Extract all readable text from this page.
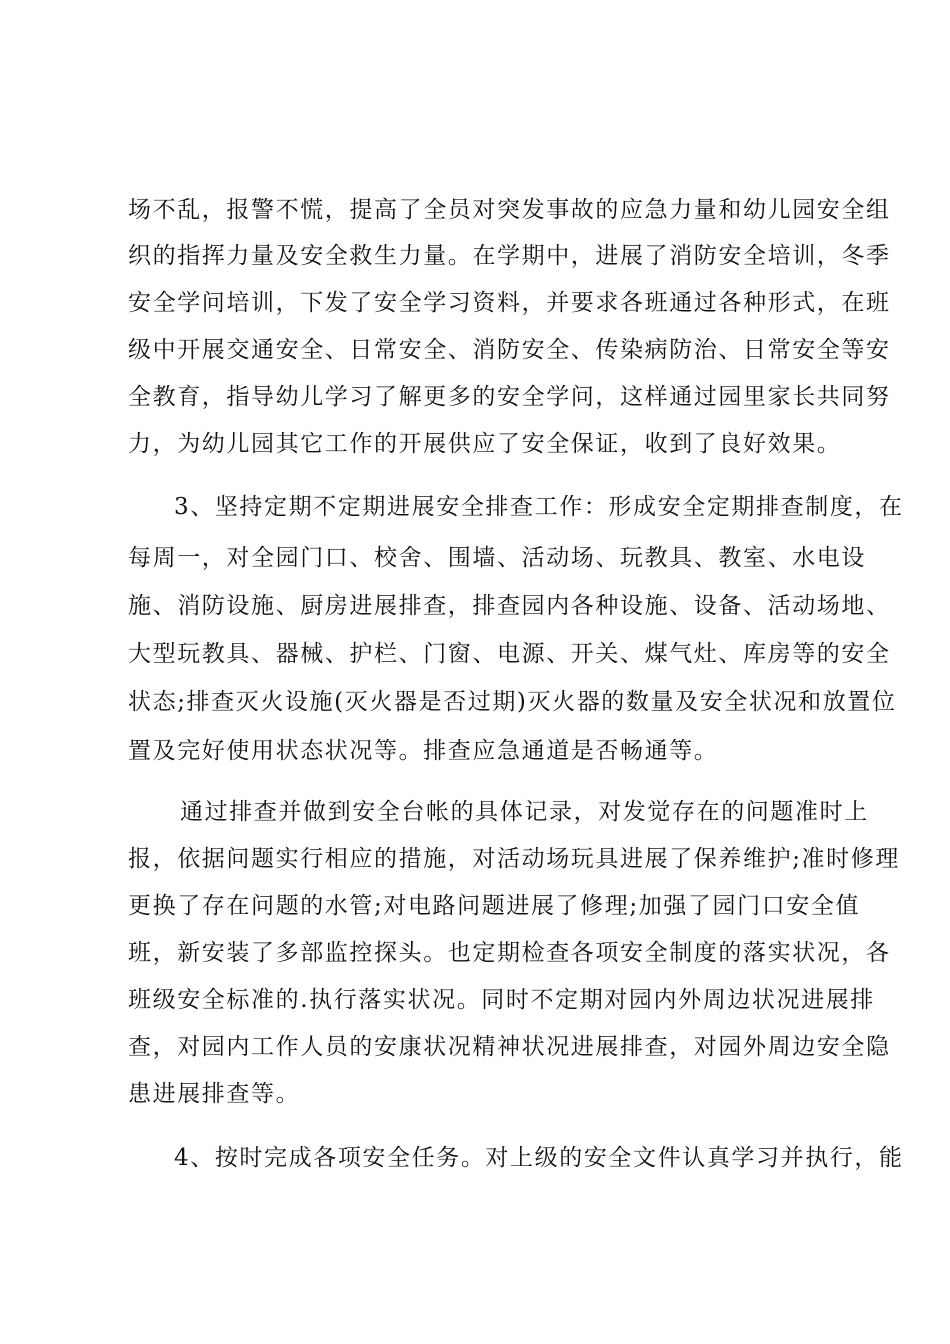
场不乱，报警不慌，提高了全员对突发事故的应急力量和幼儿园安全组
织的指挥力量及安全救生力量。在学期中，进展了消防安全培训，冬季
安全学问培训，下发了安全学习资料，并要求各班通过各种形式，在班
级中开展交通安全、日常安全、消防安全、传染病防治、日常安全等安
全教育，指导幼儿学习了解更多的安全学问，这样通过园里家长共同努
力，为幼儿园其它工作的开展供应了安全保证，收到了良好效果。
3、坚持定期不定期进展安全排查工作：形成安全定期排查制度，在
每周一，对全园门口、校舍、围墙、活动场、玩教具、教室、水电设
施、消防设施、厨房进展排查，排查园内各种设施、设备、活动场地、
大型玩教具、器械、护栏、门窗、电源、开关、煤气灶、库房等的安全
状态;排查灭火设施(灭火器是否过期)灭火器的数量及安全状况和放置位
置及完好使用状态状况等。排查应急通道是否畅通等。
通过排查并做到安全台帐的具体记录，对发觉存在的问题准时上
报，依据问题实行相应的措施，对活动场玩具进展了保养维护;准时修理
更换了存在问题的水管;对电路问题进展了修理;加强了园门口安全值
班，新安装了多部监控探头。也定期检查各项安全制度的落实状况，各
班级安全标准的.执行落实状况。同时不定期对园内外周边状况进展排
查，对园内工作人员的安康状况精神状况进展排查，对园外周边安全隐
患进展排查等。
4、按时完成各项安全任务。对上级的安全文件认真学习并执行，能
